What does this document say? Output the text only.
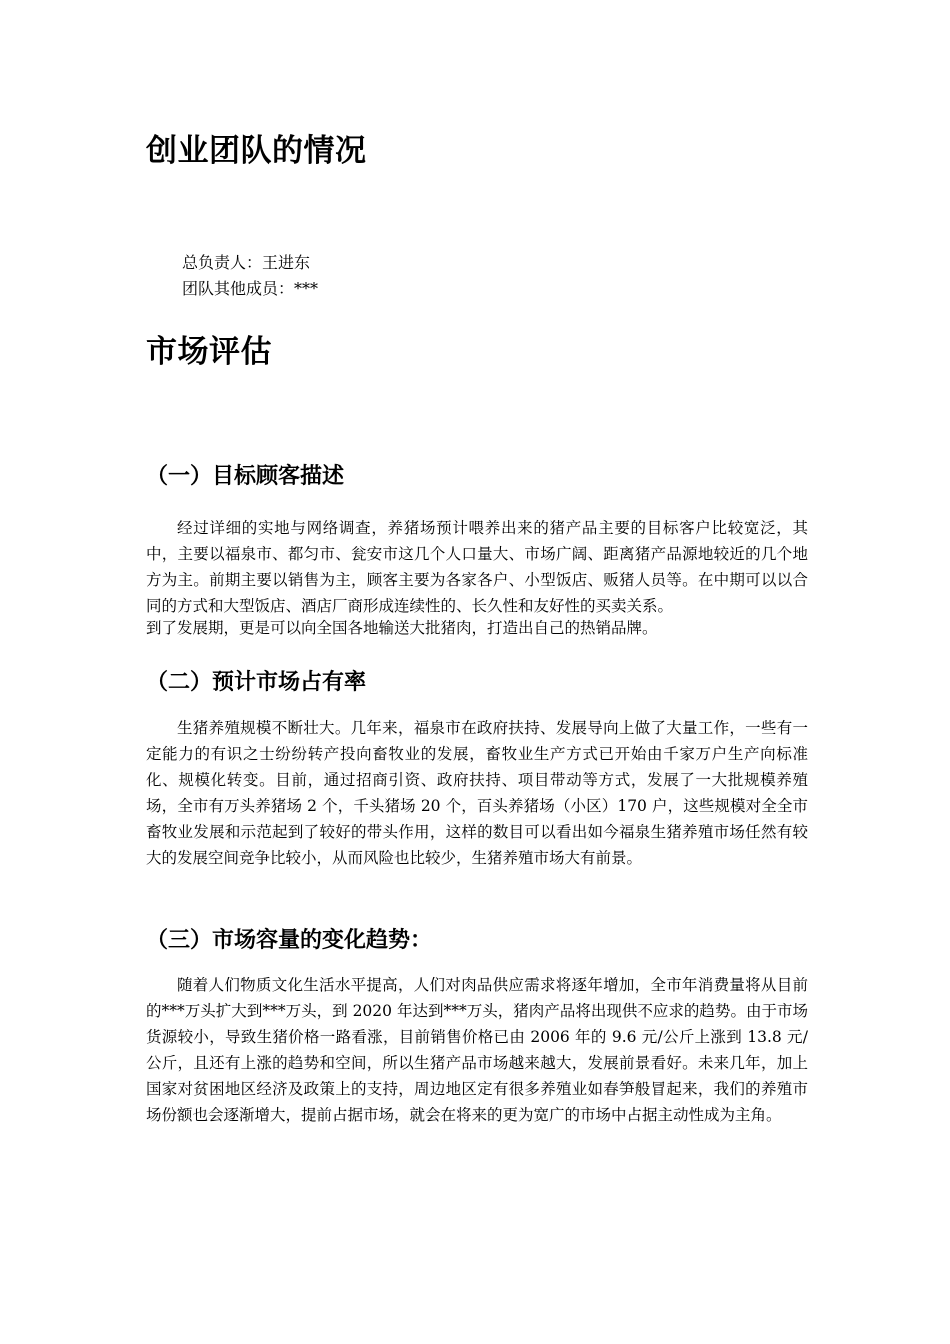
创业团队的情况
总负责人：王进东
团队其他成员：***
市场评估
（一）目标顾客描述

经过详细的实地与网络调查，养猪场预计喂养出来的猪产品主要的目标客户比较宽泛，其中，主要以福泉市、都匀市、瓮安市这几个人口量大、市场广阔、距离猪产品源地较近的几个地方为主。前期主要以销售为主，顾客主要为各家各户、小型饭店、贩猪人员等。在中期可以以合同的方式和大型饭店、酒店厂商形成连续性的、长久性和友好性的买卖关系。

到了发展期，更是可以向全国各地输送大批猪肉，打造出自己的热销品牌。

（二）预计市场占有率

生猪养殖规模不断壮大。几年来，福泉市在政府扶持、发展导向上做了大量工作，一些有一定能力的有识之士纷纷转产投向畜牧业的发展，畜牧业生产方式已开始由千家万户生产向标准化、规模化转变。目前，通过招商引资、政府扶持、项目带动等方式，发展了一大批规模养殖场，全市有万头养猪场 2 个，千头猪场 20 个，百头养猪场（小区）170 户，这些规模对全全市畜牧业发展和示范起到了较好的带头作用，这样的数目可以看出如今福泉生猪养殖市场任然有较大的发展空间竞争比较小，从而风险也比较少，生猪养殖市场大有前景。

（三）市场容量的变化趋势：

随着人们物质文化生活水平提高，人们对肉品供应需求将逐年增加，全市年消费量将从目前的***万头扩大到***万头，到 2020 年达到***万头，猪肉产品将出现供不应求的趋势。由于市场货源较小，导致生猪价格一路看涨，目前销售价格已由 2006 年的 9.6 元/公斤上涨到 13.8 元/公斤，且还有上涨的趋势和空间，所以生猪产品市场越来越大，发展前景看好。未来几年，加上国家对贫困地区经济及政策上的支持，周边地区定有很多养殖业如春笋般冒起来，我们的养殖市场份额也会逐渐增大，提前占据市场，就会在将来的更为宽广的市场中占据主动性成为主角。
